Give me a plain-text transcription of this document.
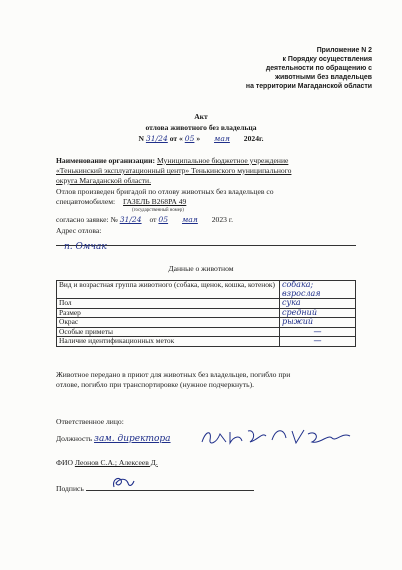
Приложение N 2
к Порядку осуществления
деятельности по обращению с
животными без владельцев
на территории Магаданской области
Акт
отлова животного без владельца
N 31/24 от « 05 » мая 2024г.
Наименование организации: Муниципальное бюджетное учреждение
«Тенькинский эксплуатационный центр» Тенькинского муниципального
округа Магаданской области.
Отлов произведен бригадой по отлову животных без владельцев со
спецавтомобилем: ГАЗЕЛЬ В268РА 49
(государственный номер)
согласно заявке: № 31/24 от 05 мая 2023 г.
Адрес отлова:
п. Омчак
Данные о животном
Вид и возрастная группа животного (собака, щенок, кошка, котенок)	собака; взрослая
Пол	сука
Размер	средний
Окрас	рыжий
Особые приметы	—
Наличие идентификационных меток	—
Животное передано в приют для животных без владельцев, погибло при
отлове, погибло при транспортировке (нужное подчеркнуть).
Ответственное лицо:
Должность зам. директора
ФИО Леонов С.А.; Алексеев Д.
Подпись
